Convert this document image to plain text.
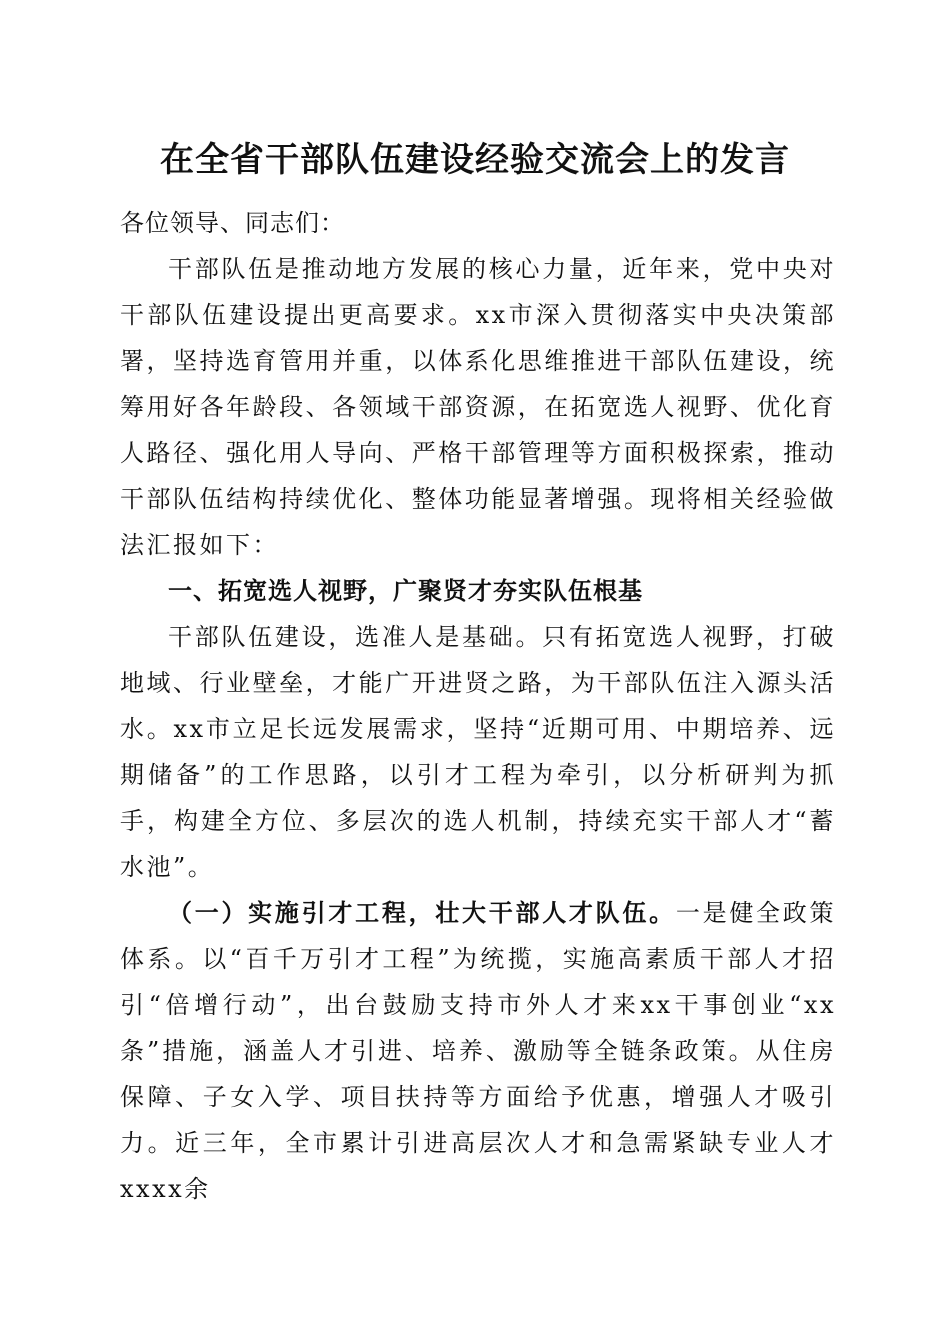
在全省干部队伍建设经验交流会上的发言

各位领导、同志们：

干部队伍是推动地方发展的核心力量，近年来，党中央对干部队伍建设提出更高要求。xx市深入贯彻落实中央决策部署，坚持选育管用并重，以体系化思维推进干部队伍建设，统筹用好各年龄段、各领域干部资源，在拓宽选人视野、优化育人路径、强化用人导向、严格干部管理等方面积极探索，推动干部队伍结构持续优化、整体功能显著增强。现将相关经验做法汇报如下：

一、拓宽选人视野，广聚贤才夯实队伍根基

干部队伍建设，选准人是基础。只有拓宽选人视野，打破地域、行业壁垒，才能广开进贤之路，为干部队伍注入源头活水。xx市立足长远发展需求，坚持“近期可用、中期培养、远期储备”的工作思路，以引才工程为牵引，以分析研判为抓手，构建全方位、多层次的选人机制，持续充实干部人才“蓄水池”。

（一）实施引才工程，壮大干部人才队伍。一是健全政策体系。以“百千万引才工程”为统揽，实施高素质干部人才招引“倍增行动”，出台鼓励支持市外人才来xx干事创业“xx条”措施，涵盖人才引进、培养、激励等全链条政策。从住房保障、子女入学、项目扶持等方面给予优惠，增强人才吸引力。近三年，全市累计引进高层次人才和急需紧缺专业人才xxxx余
